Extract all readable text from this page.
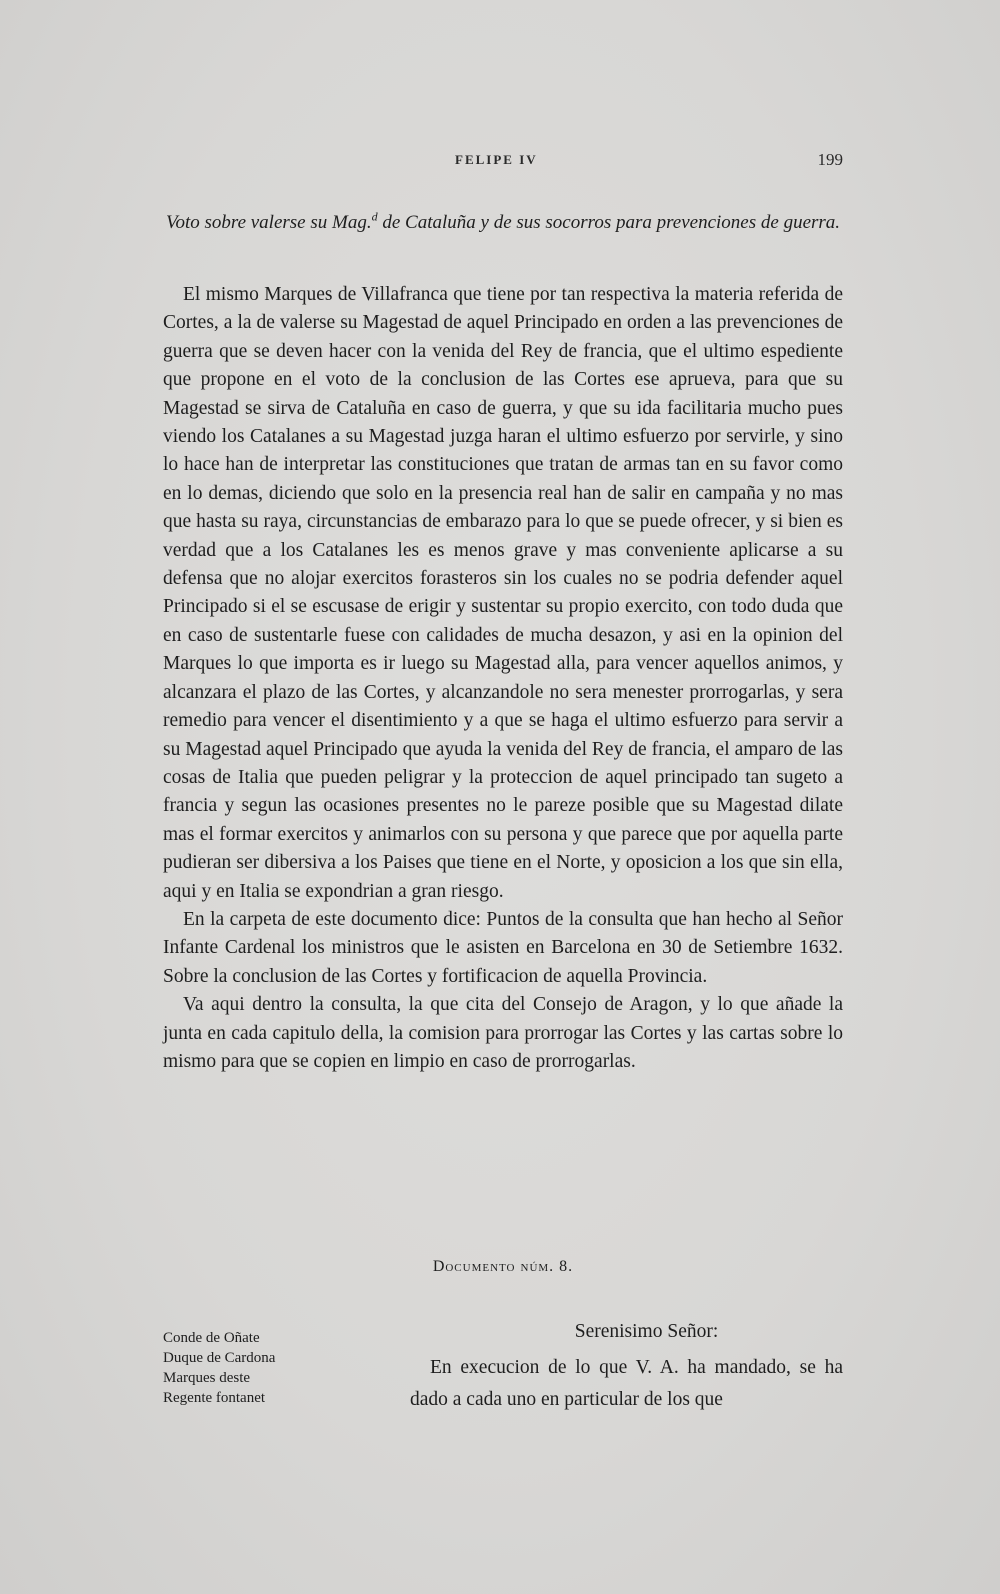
FELIPE IV	199
Voto sobre valerse su Mag.$^d$ de Cataluña y de sus socorros para prevenciones de guerra.

El mismo Marques de Villafranca que tiene por tan respectiva la materia referida de Cortes, a la de valerse su Magestad de aquel Principado en orden a las prevenciones de guerra que se deven hacer con la venida del Rey de francia, que el ultimo espediente que propone en el voto de la conclusion de las Cortes ese aprueva, para que su Magestad se sirva de Cataluña en caso de guerra, y que su ida facilitaria mucho pues viendo los Catalanes a su Magestad juzga haran el ultimo esfuerzo por servirle, y sino lo hace han de interpretar las constituciones que tratan de armas tan en su favor como en lo demas, diciendo que solo en la presencia real han de salir en campaña y no mas que hasta su raya, circunstancias de embarazo para lo que se puede ofrecer, y si bien es verdad que a los Catalanes les es menos grave y mas conveniente aplicarse a su defensa que no alojar exercitos forasteros sin los cuales no se podria defender aquel Principado si el se escusase de erigir y sustentar su propio exercito, con todo duda que en caso de sustentarle fuese con calidades de mucha desazon, y asi en la opinion del Marques lo que importa es ir luego su Magestad alla, para vencer aquellos animos, y alcanzara el plazo de las Cortes, y alcanzandole no sera menester prorrogarlas, y sera remedio para vencer el disentimiento y a que se haga el ultimo esfuerzo para servir a su Magestad aquel Principado que ayuda la venida del Rey de francia, el amparo de las cosas de Italia que pueden peligrar y la proteccion de aquel principado tan sugeto a francia y segun las ocasiones presentes no le pareze posible que su Magestad dilate mas el formar exercitos y animarlos con su persona y que parece que por aquella parte pudieran ser dibersiva a los Paises que tiene en el Norte, y oposicion a los que sin ella, aqui y en Italia se expondrian a gran riesgo.

En la carpeta de este documento dice: Puntos de la consulta que han hecho al Señor Infante Cardenal los ministros que le asisten en Barcelona en 30 de Setiembre 1632. Sobre la conclusion de las Cortes y fortificacion de aquella Provincia.

Va aqui dentro la consulta, la que cita del Consejo de Aragon, y lo que añade la junta en cada capitulo della, la comision para prorrogar las Cortes y las cartas sobre lo mismo para que se copien en limpio en caso de prorrogarlas.

Documento núm. 8.
Conde de Oñate
Duque de Cardona
Marques deste
Regente fontanet
Serenisimo Señor:
En execucion de lo que V. A. ha mandado, se ha dado a cada uno en particular de los que
